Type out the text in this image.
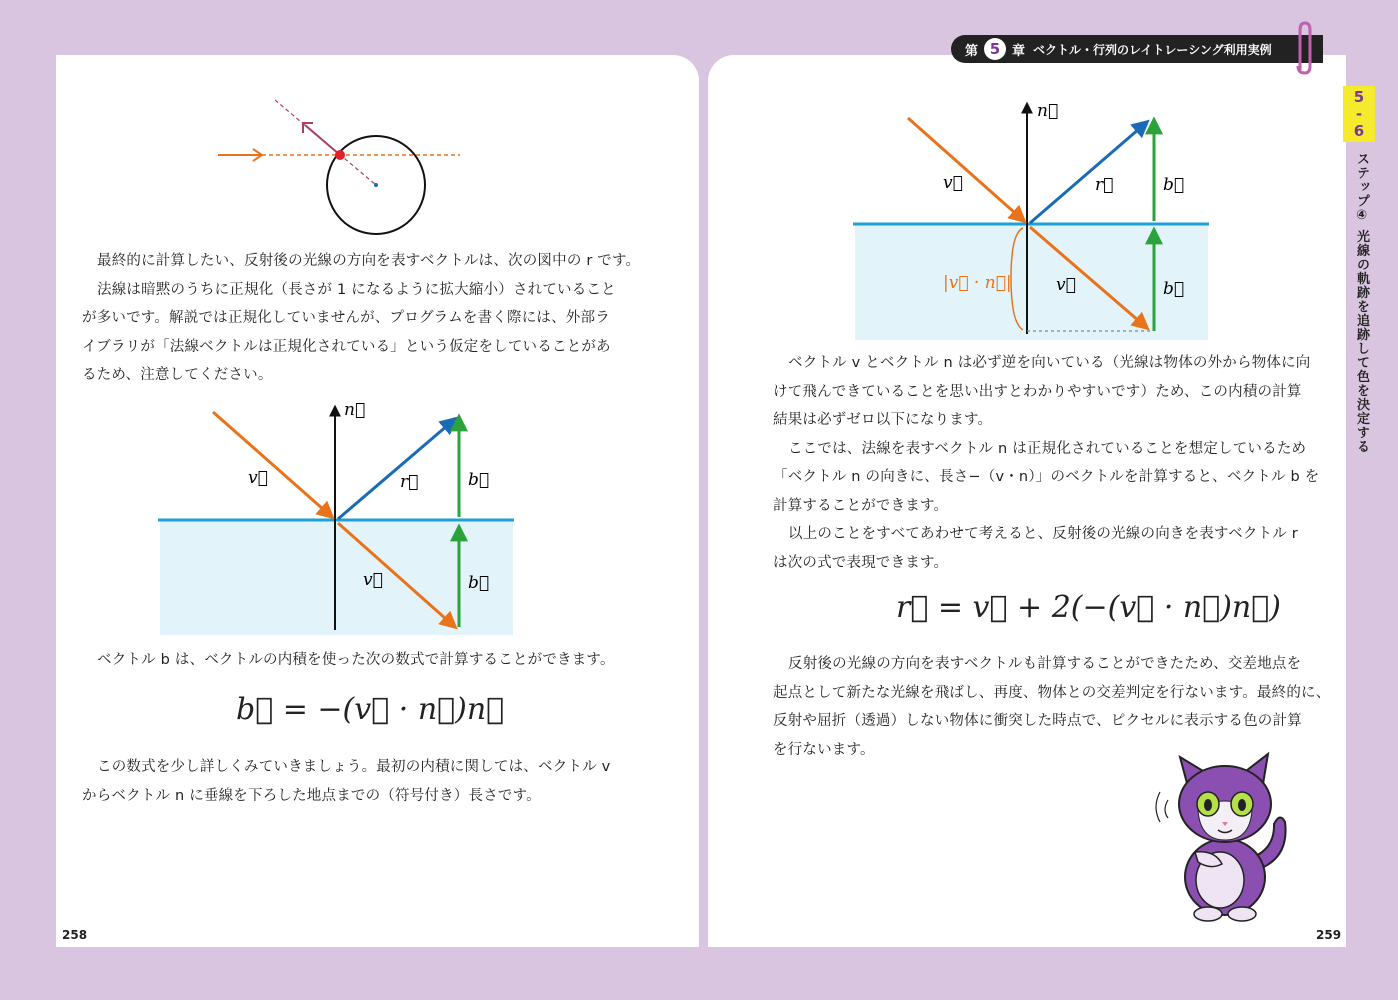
第 5 章 ベクトル・行列のレイトレーシング利用実例
5-6
ステップ④ 光線の軌跡を追跡して色を決定する
最終的に計算したい、反射後の光線の方向を表すベクトルは、次の図中の r です。
法線は暗黙のうちに正規化（長さが 1 になるように拡大縮小）されていること
が多いです。解説では正規化していませんが、プログラムを書く際には、外部ラ
イブラリが「法線ベクトルは正規化されている」という仮定をしていることがあ
るため、注意してください。
n⃗
v⃗	r⃗	b⃗
v⃗	b⃗
ベクトル b は、ベクトルの内積を使った次の数式で計算することができます。
b⃗ = −(v⃗ · n⃗)n⃗
この数式を少し詳しくみていきましょう。最初の内積に関しては、ベクトル v
からベクトル n に垂線を下ろした地点までの（符号付き）長さです。
258
n⃗
v⃗	r⃗	b⃗
v⃗	b⃗
|v⃗ · n⃗|
ベクトル v とベクトル n は必ず逆を向いている（光線は物体の外から物体に向
けて飛んできていることを思い出すとわかりやすいです）ため、この内積の計算
結果は必ずゼロ以下になります。
ここでは、法線を表すベクトル n は正規化されていることを想定しているため
「ベクトル n の向きに、長さ−（v・n）」のベクトルを計算すると、ベクトル b を
計算することができます。
以上のことをすべてあわせて考えると、反射後の光線の向きを表すベクトル r
は次の式で表現できます。
r⃗ = v⃗ + 2(−(v⃗ · n⃗)n⃗)
反射後の光線の方向を表すベクトルも計算することができたため、交差地点を
起点として新たな光線を飛ばし、再度、物体との交差判定を行ないます。最終的に、
反射や屈折（透過）しない物体に衝突した時点で、ピクセルに表示する色の計算
を行ないます。
259
